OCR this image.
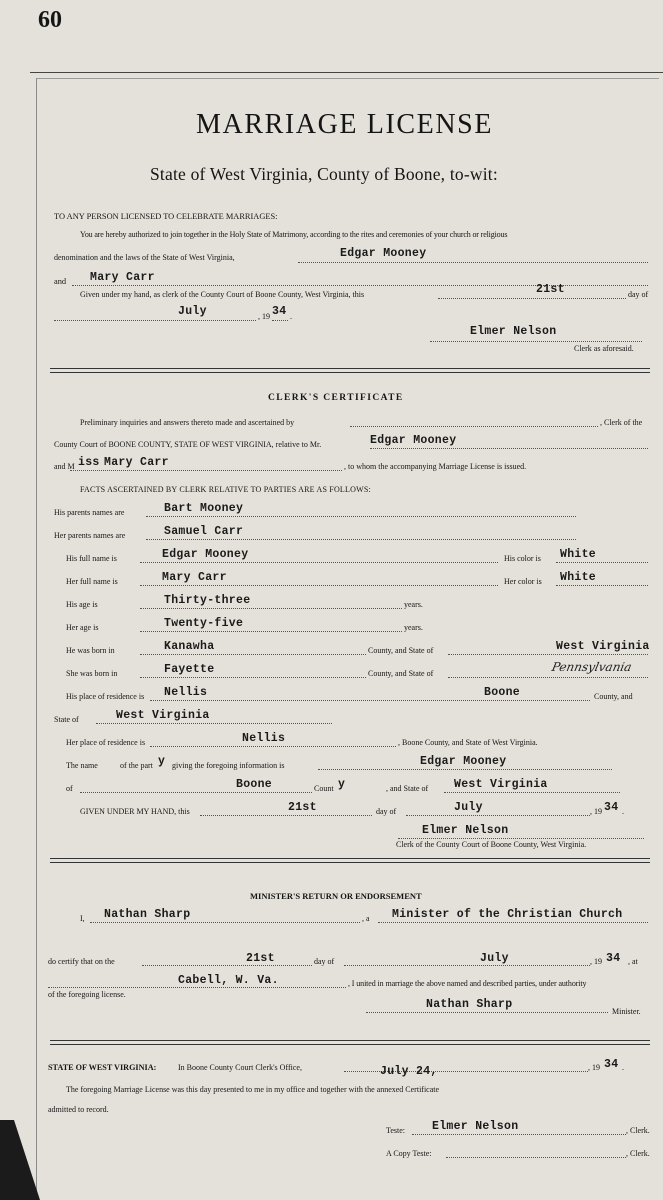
60
MARRIAGE LICENSE
State of West Virginia, County of Boone, to-wit:
TO ANY PERSON LICENSED TO CELEBRATE MARRIAGES:
You are hereby authorized to join together in the Holy State of Matrimony, according to the rites and ceremonies of your church or religious
denomination and the laws of the State of West Virginia,	Edgar Mooney
and Mary Carr
Given under my hand, as clerk of the County Court of Boone County, West Virginia, this	21st	day of
July	, 19 34 .
Elmer Nelson
Clerk as aforesaid.
CLERK'S CERTIFICATE
Preliminary inquiries and answers thereto made and ascertained by	, Clerk of the
County Court of BOONE COUNTY, STATE OF WEST VIRGINIA, relative to Mr.	Edgar Mooney
and M iss Mary Carr	, to whom the accompanying Marriage License is issued.
FACTS ASCERTAINED BY CLERK RELATIVE TO PARTIES ARE AS FOLLOWS:
His parents names are	Bart Mooney
Her parents names are	Samuel Carr
His full name is	Edgar Mooney	His color is White
Her full name is	Mary Carr	Her color is White
His age is	Thirty-three	years.
Her age is	Twenty-five	years.
He was born in	Kanawha	County, and State of	West Virginia
She was born in	Fayette	County, and State of	Pennsylvania
His place of residence is Nellis	Boone	County, and
State of	West Virginia
Her place of residence is	Nellis	, Boone County, and State of West Virginia.
The name	of the part y giving the foregoing information is	Edgar Mooney
of	Boone	Count y	, and State of West Virginia
GIVEN UNDER MY HAND, this	21st	day of	July	, 19 34 .
Elmer Nelson
Clerk of the County Court of Boone County, West Virginia.
MINISTER'S RETURN OR ENDORSEMENT
I, Nathan Sharp	, a Minister of the Christian Church
do certify that on the	21st	day of	July	, 19 34 , at
Cabell, W. Va.	, I united in marriage the above named and described parties, under authority
of the foregoing license.
Nathan Sharp
Minister.
STATE OF WEST VIRGINIA:	In Boone County Court Clerk's Office,	July 24,	, 19 34 .
The foregoing Marriage License was this day presented to me in my office and together with the annexed Certificate
admitted to record.
Teste: Elmer Nelson	, Clerk.
A Copy Teste:	, Clerk.
